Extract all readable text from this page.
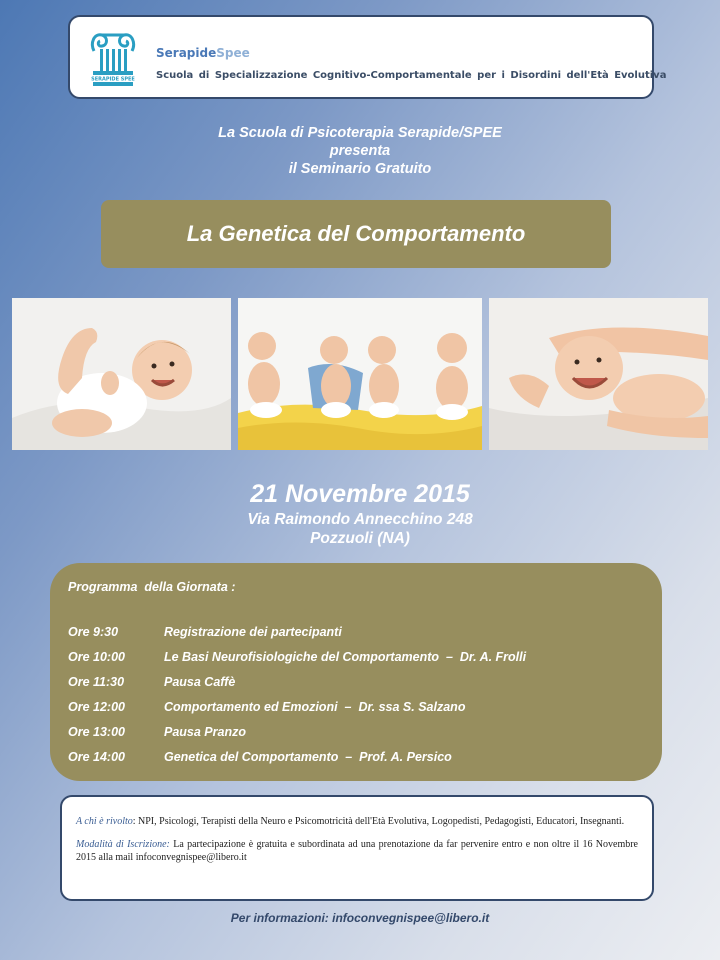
SERAPIDE SPEE
SerapideSpee
Scuola di Specializzazione Cognitivo-Comportamentale per i Disordini dell'Età Evolutiva
La Scuola di Psicoterapia Serapide/SPEE
presenta
il Seminario Gratuito
La Genetica del Comportamento
21 Novembre 2015
Via Raimondo Annecchino 248
Pozzuoli (NA)
Programma  della Giornata :
Ore 9:30	Registrazione dei partecipanti
Ore 10:00	Le Basi Neurofisiologiche del Comportamento  –  Dr. A. Frolli
Ore 11:30	Pausa Caffè
Ore 12:00	Comportamento ed Emozioni  –  Dr. ssa S. Salzano
Ore 13:00	Pausa Pranzo
Ore 14:00	Genetica del Comportamento  –  Prof. A. Persico

A chi è rivolto: NPI, Psicologi, Terapisti della Neuro e Psicomotricità dell'Età Evolutiva, Logopedisti, Pedagogisti, Educatori, Insegnanti.

Modalità di Iscrizione: La partecipazione è gratuita e subordinata ad una prenotazione da far pervenire entro e non oltre il 16 Novembre 2015 alla mail infoconvegnispee@libero.it

Per informazioni: infoconvegnispee@libero.it
